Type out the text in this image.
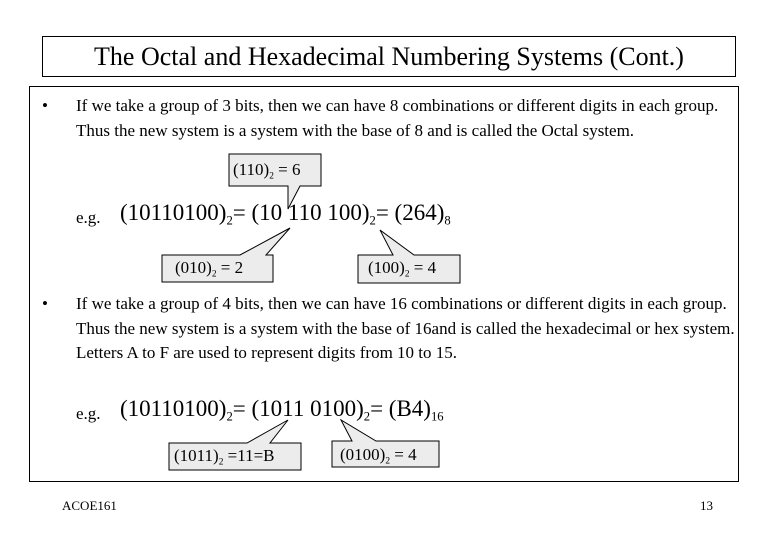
The Octal and Hexadecimal Numbering Systems (Cont.)
• If we take a group of 3 bits, then we can have 8 combinations or different digits in each group. Thus the new system is a system with the base of 8 and is called the Octal system.
e.g. $(10110100)_2= (10$ 110 $100)_2= (264)_8$
$(110)_2 = 6$
$(010)_2 = 2$	$(100)_2 = 4$
• If we take a group of 4 bits, then we can have 16 combinations or different digits in each group. Thus the new system is a system with the base of 16and is called the hexadecimal or hex system. Letters A to F are used to represent digits from 10 to 15.
e.g. $(10110100)_2= (1011$ $0100)_2= (B4)_{16}$
$(1011)_2 =11=B$	$(0100)_2 = 4$
ACOE161	13
